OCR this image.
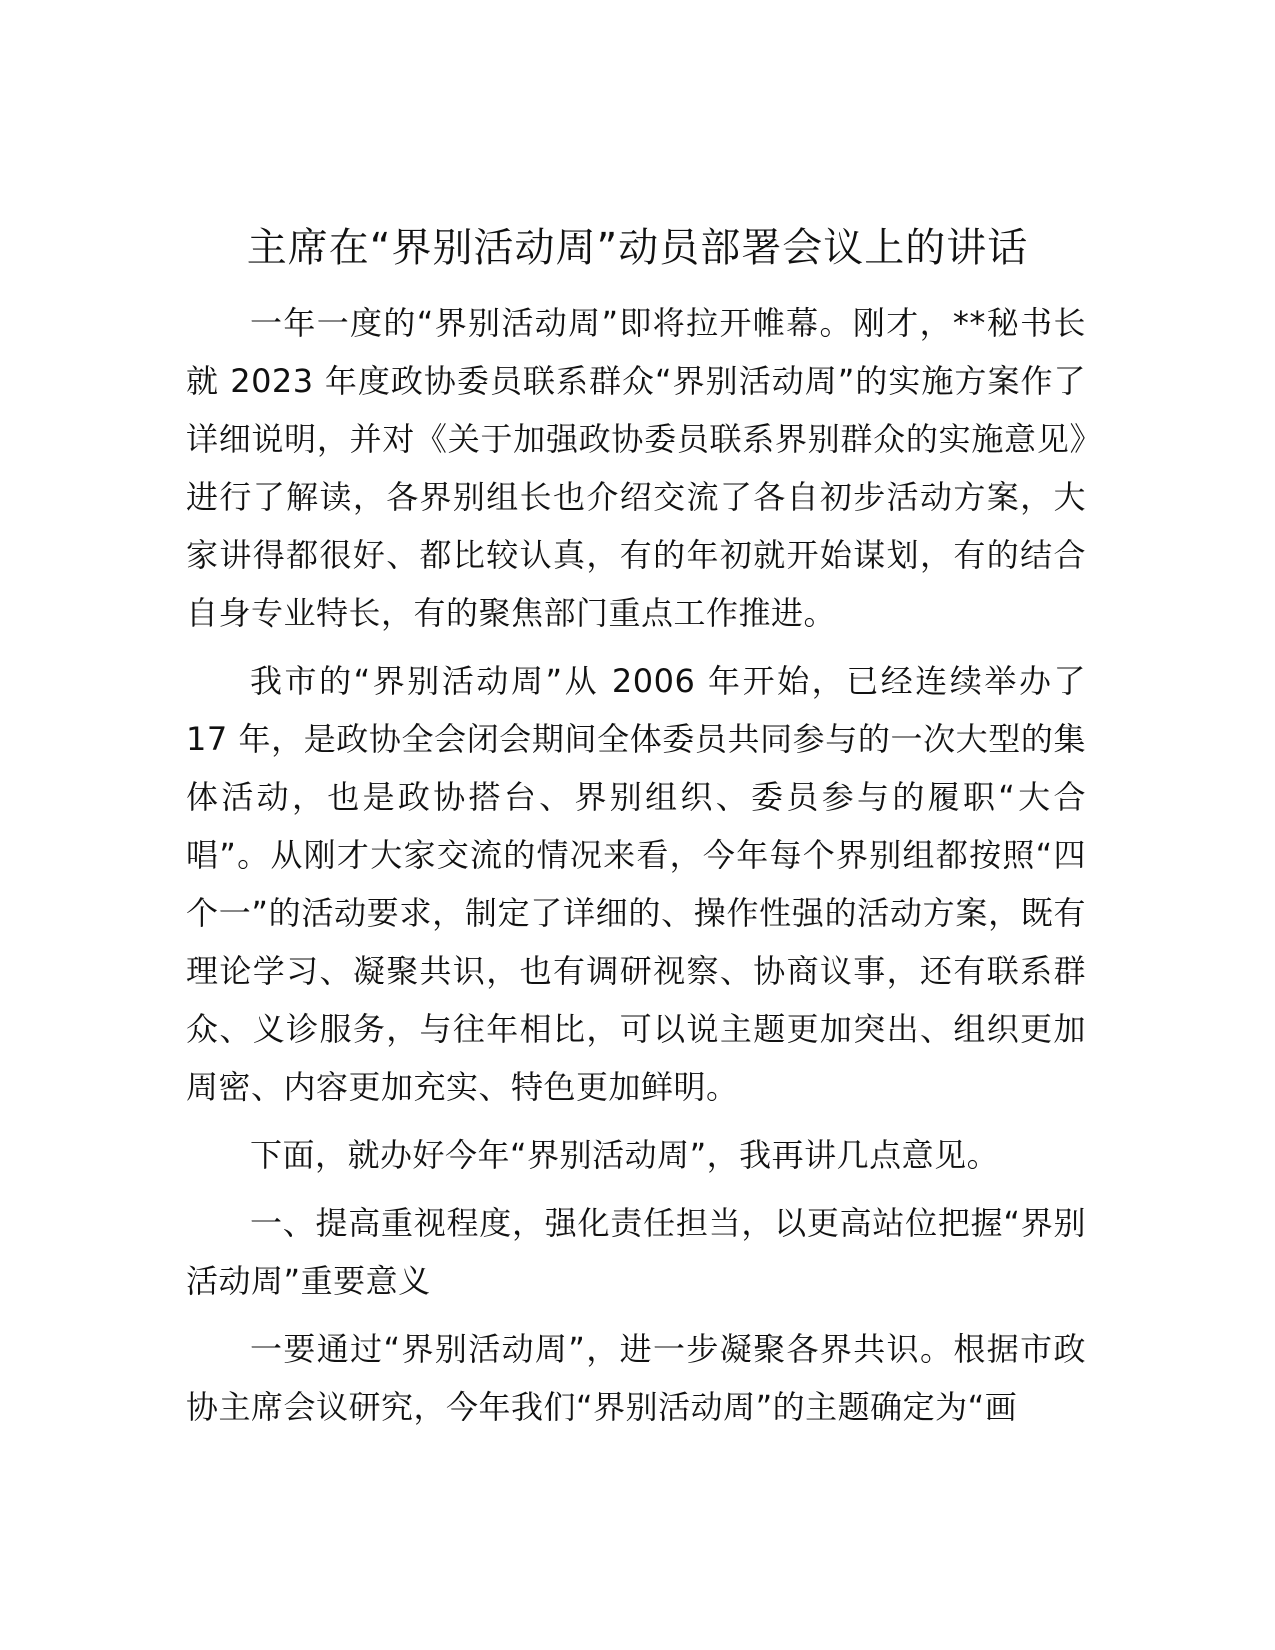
主席在“界别活动周”动员部署会议上的讲话

一年一度的“界别活动周”即将拉开帷幕。刚才，**秘书长就 2023 年度政协委员联系群众“界别活动周”的实施方案作了详细说明，并对《关于加强政协委员联系界别群众的实施意见》进行了解读，各界别组长也介绍交流了各自初步活动方案，大家讲得都很好、都比较认真，有的年初就开始谋划，有的结合自身专业特长，有的聚焦部门重点工作推进。

我市的“界别活动周”从 2006 年开始，已经连续举办了 17 年，是政协全会闭会期间全体委员共同参与的一次大型的集体活动，也是政协搭台、界别组织、委员参与的履职“大合唱”。从刚才大家交流的情况来看，今年每个界别组都按照“四个一”的活动要求，制定了详细的、操作性强的活动方案，既有理论学习、凝聚共识，也有调研视察、协商议事，还有联系群众、义诊服务，与往年相比，可以说主题更加突出、组织更加周密、内容更加充实、特色更加鲜明。

下面，就办好今年“界别活动周”，我再讲几点意见。

一、提高重视程度，强化责任担当，以更高站位把握“界别活动周”重要意义

一要通过“界别活动周”，进一步凝聚各界共识。根据市政协主席会议研究，今年我们“界别活动周”的主题确定为“画
